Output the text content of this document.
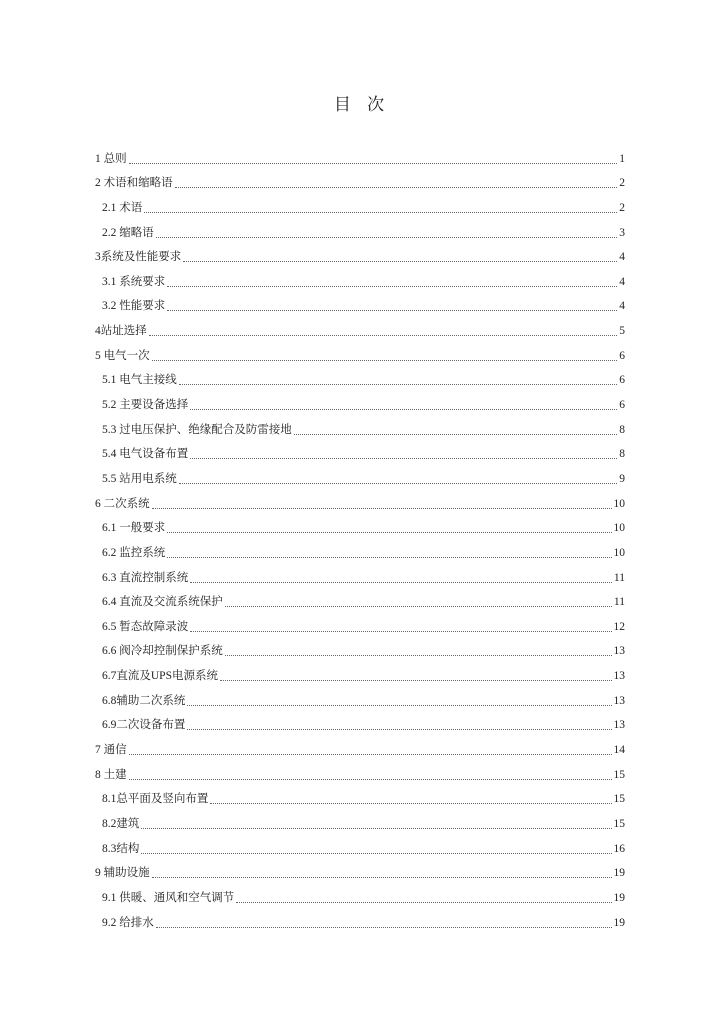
目 次
1 总则	1
2 术语和缩略语	2
2.1 术语	2
2.2 缩略语	3
3系统及性能要求	4
3.1 系统要求	4
3.2 性能要求	4
4站址选择	5
5 电气一次	6
5.1 电气主接线	6
5.2 主要设备选择	6
5.3 过电压保护、绝缘配合及防雷接地	8
5.4 电气设备布置	8
5.5 站用电系统	9
6 二次系统	10
6.1 一般要求	10
6.2 监控系统	10
6.3 直流控制系统	11
6.4 直流及交流系统保护	11
6.5 暂态故障录波	12
6.6 阀冷却控制保护系统	13
6.7直流及UPS电源系统	13
6.8辅助二次系统	13
6.9二次设备布置	13
7 通信	14
8 土建	15
8.1总平面及竖向布置	15
8.2建筑	15
8.3结构	16
9 辅助设施	19
9.1 供暖、通风和空气调节	19
9.2 给排水	19
